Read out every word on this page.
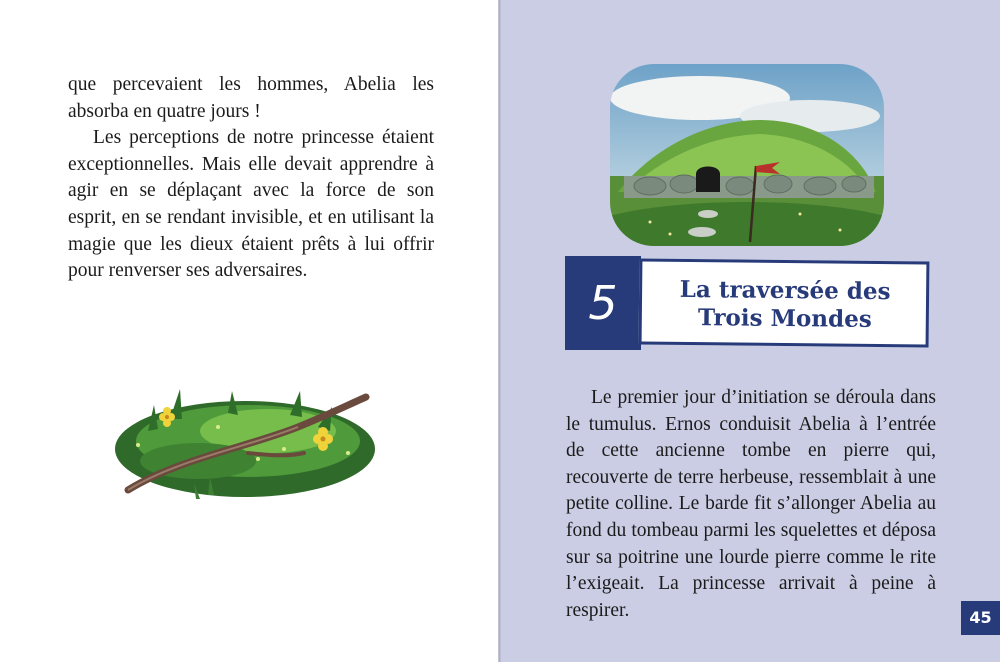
que percevaient les hommes, Abelia les absorba en quatre jours !

Les perceptions de notre princesse étaient exceptionnelles. Mais elle devait apprendre à agir en se déplaçant avec la force de son esprit, en se rendant invisible, et en utilisant la magie que les dieux étaient prêts à lui offrir pour renverser ses adversaires.

5	La traversée des Trois Mondes

Le premier jour d’initiation se déroula dans le tumulus. Ernos conduisit Abelia à l’entrée de cette ancienne tombe en pierre qui, recouverte de terre herbeuse, ressemblait à une petite colline. Le barde fit s’allonger Abelia au fond du tombeau parmi les squelettes et déposa sur sa poitrine une lourde pierre comme le rite l’exigeait. La princesse arrivait à peine à respirer.	45
